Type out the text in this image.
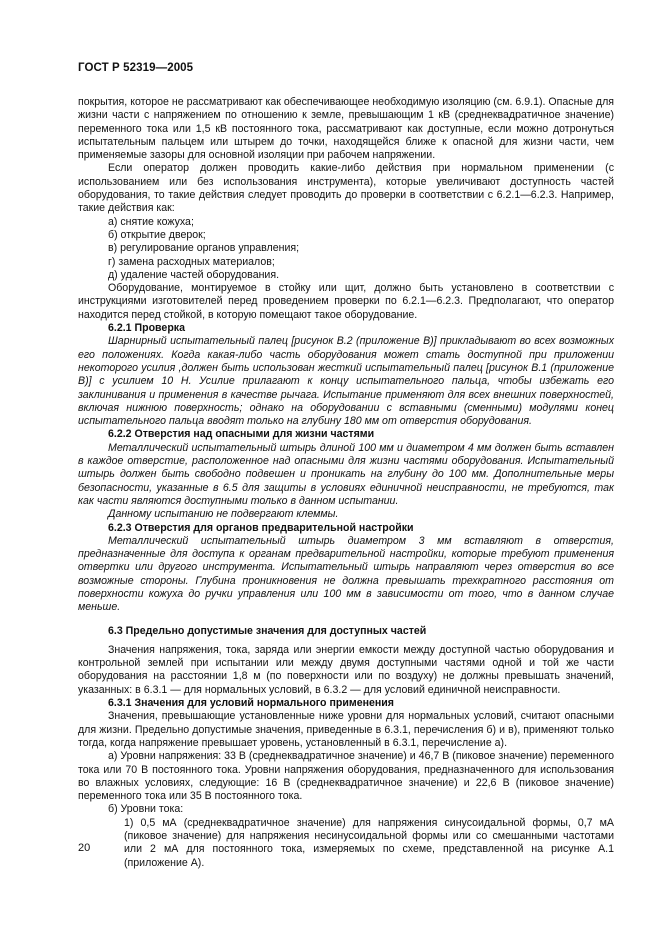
ГОСТ Р 52319—2005

покрытия, которое не рассматривают как обеспечивающее необходимую изоляцию (см. 6.9.1). Опасные для жизни части с напряжением по отношению к земле, превышающим 1 кВ (среднеквадратичное значение) переменного тока или 1,5 кВ постоянного тока, рассматривают как доступные, если можно дотронуться испытательным пальцем или штырем до точки, находящейся ближе к опасной для жизни части, чем применяемые зазоры для основной изоляции при рабочем напряжении.

Если оператор должен проводить какие-либо действия при нормальном применении (с использованием или без использования инструмента), которые увеличивают доступность частей оборудования, то такие действия следует проводить до проверки в соответствии с 6.2.1—6.2.3. Например, такие действия как:

а) снятие кожуха;

б) открытие дверок;

в) регулирование органов управления;

г) замена расходных материалов;

д) удаление частей оборудования.

Оборудование, монтируемое в стойку или щит, должно быть установлено в соответствии с инструкциями изготовителей перед проведением проверки по 6.2.1—6.2.3. Предполагают, что оператор находится перед стойкой, в которую помещают такое оборудование.

6.2.1 Проверка

Шарнирный испытательный палец [рисунок В.2 (приложение В)] прикладывают во всех возможных его положениях. Когда какая-либо часть оборудования может стать доступной при приложении некоторого усилия ,должен быть использован жесткий испытательный палец [рисунок В.1 (приложение В)] с усилием 10 Н. Усилие прилагают к концу испытательного пальца, чтобы избежать его заклинивания и применения в качестве рычага. Испытание применяют для всех внешних поверхностей, включая нижнюю поверхность; однако на оборудовании с вставными (сменными) модулями конец испытательного пальца вводят только на глубину 180 мм от отверстия оборудования.

6.2.2 Отверстия над опасными для жизни частями

Металлический испытательный штырь длиной 100 мм и диаметром 4 мм должен быть вставлен в каждое отверстие, расположенное над опасными для жизни частями оборудования. Испытательный штырь должен быть свободно подвешен и проникать на глубину до 100 мм. Дополнительные меры безопасности, указанные в 6.5 для защиты в условиях единичной неисправности, не требуются, так как части являются доступными только в данном испытании.

Данному испытанию не подвергают клеммы.

6.2.3 Отверстия для органов предварительной настройки

Металлический испытательный штырь диаметром 3 мм вставляют в отверстия, предназначенные для доступа к органам предварительной настройки, которые требуют применения отвертки или другого инструмента. Испытательный штырь направляют через отверстия во все возможные стороны. Глубина проникновения не должна превышать трехкратного расстояния от поверхности кожуха до ручки управления или 100 мм в зависимости от того, что в данном случае меньше.

6.3 Предельно допустимые значения для доступных частей

Значения напряжения, тока, заряда или энергии емкости между доступной частью оборудования и контрольной землей при испытании или между двумя доступными частями одной и той же части оборудования на расстоянии 1,8 м (по поверхности или по воздуху) не должны превышать значений, указанных: в 6.3.1 — для нормальных условий, в 6.3.2 — для условий единичной неисправности.

6.3.1 Значения для условий нормального применения

Значения, превышающие установленные ниже уровни для нормальных условий, считают опасными для жизни. Предельно допустимые значения, приведенные в 6.3.1, перечисления б) и в), применяют только тогда, когда напряжение превышает уровень, установленный в 6.3.1, перечисление а).

а) Уровни напряжения: 33 В (среднеквадратичное значение) и 46,7 В (пиковое значение) переменного тока или 70 В постоянного тока. Уровни напряжения оборудования, предназначенного для использования во влажных условиях, следующие: 16 В (среднеквадратичное значение) и 22,6 В (пиковое значение) переменного тока или 35 В постоянного тока.

б) Уровни тока:

1) 0,5 мА (среднеквадратичное значение) для напряжения синусоидальной формы, 0,7 мА (пиковое значение) для напряжения несинусоидальной формы или со смешанными частотами или 2 мА для постоянного тока, измеряемых по схеме, представленной на рисунке А.1 (приложение А).

20
